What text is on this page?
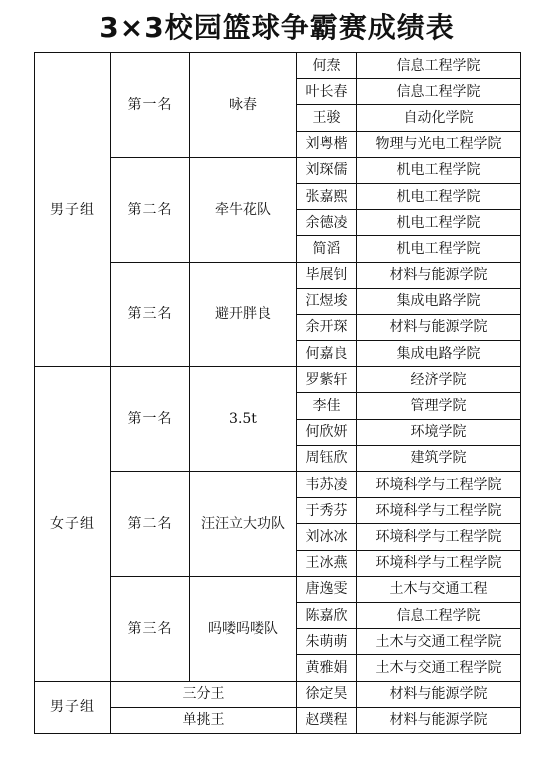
3×3校园篮球争霸赛成绩表
男子组	第一名	咏春	何焘	信息工程学院
			叶长春	信息工程学院
			王骏	自动化学院
			刘粤楷	物理与光电工程学院
	第二名	牵牛花队	刘琛儒	机电工程学院
			张嘉熙	机电工程学院
			余德凌	机电工程学院
			简滔	机电工程学院
	第三名	避开胖良	毕展钊	材料与能源学院
			江煜埈	集成电路学院
			余开琛	材料与能源学院
			何嘉良	集成电路学院
女子组	第一名	3.5t	罗紫轩	经济学院
			李佳	管理学院
			何欣妍	环境学院
			周钰欣	建筑学院
	第二名	汪汪立大功队	韦苏凌	环境科学与工程学院
			于秀芬	环境科学与工程学院
			刘冰冰	环境科学与工程学院
			王冰燕	环境科学与工程学院
	第三名	吗喽吗喽队	唐逸雯	土木与交通工程
			陈嘉欣	信息工程学院
			朱萌萌	土木与交通工程学院
			黄雅娟	土木与交通工程学院
男子组	三分王		徐定昊	材料与能源学院
	单挑王		赵璞程	材料与能源学院
